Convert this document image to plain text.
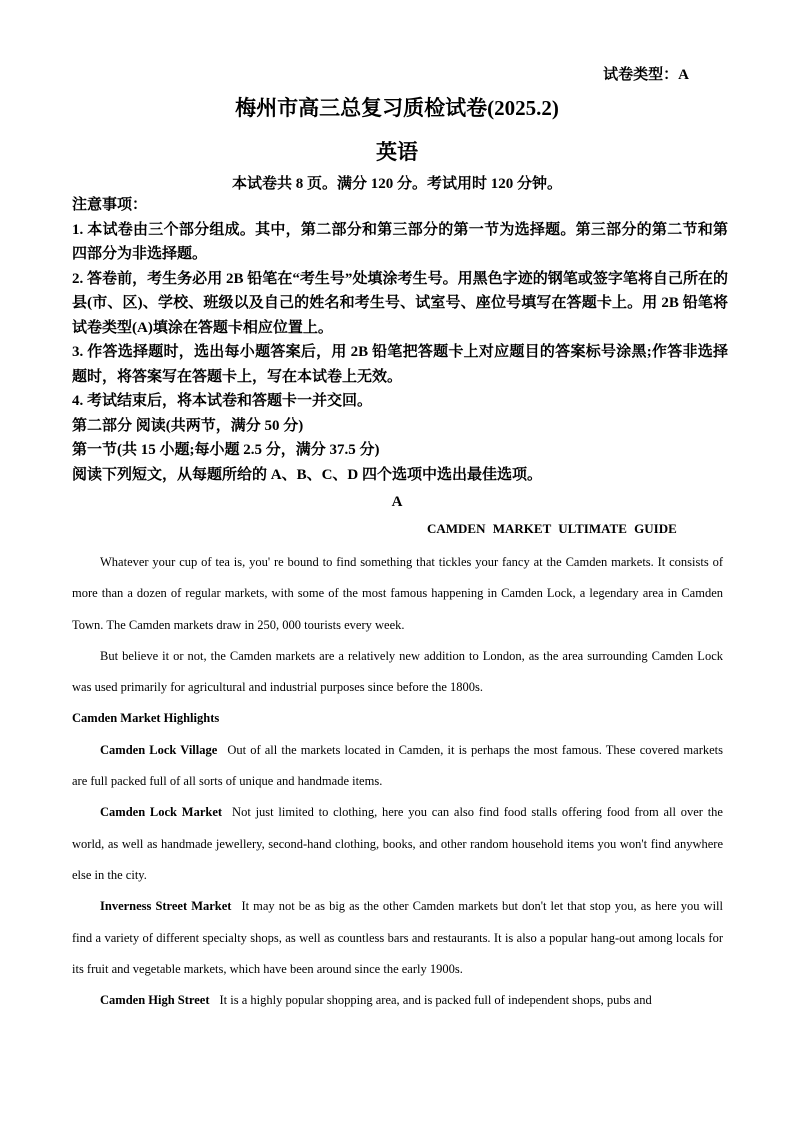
试卷类型：A
梅州市高三总复习质检试卷(2025.2)
英语
本试卷共 8 页。满分 120 分。考试用时 120 分钟。

注意事项：

1. 本试卷由三个部分组成。其中，第二部分和第三部分的第一节为选择题。第三部分的第二节和第四部分为非选择题。

2. 答卷前，考生务必用 2B 铅笔在“考生号”处填涂考生号。用黑色字迹的钢笔或签字笔将自己所在的县(市、区)、学校、班级以及自己的姓名和考生号、试室号、座位号填写在答题卡上。用 2B 铅笔将试卷类型(A)填涂在答题卡相应位置上。

3. 作答选择题时，选出每小题答案后，用 2B 铅笔把答题卡上对应题目的答案标号涂黑;作答非选择题时，将答案写在答题卡上，写在本试卷上无效。

4. 考试结束后，将本试卷和答题卡一并交回。

第二部分 阅读(共两节，满分 50 分)

第一节(共 15 小题;每小题 2.5 分，满分 37.5 分)

阅读下列短文，从每题所给的 A、B、C、D 四个选项中选出最佳选项。

A
CAMDEN MARKET ULTIMATE GUIDE

Whatever your cup of tea is, you' re bound to find something that tickles your fancy at the Camden markets. It consists of more than a dozen of regular markets, with some of the most famous happening in Camden Lock, a legendary area in Camden Town. The Camden markets draw in 250, 000 tourists every week.

But believe it or not, the Camden markets are a relatively new addition to London, as the area surrounding Camden Lock was used primarily for agricultural and industrial purposes since before the 1800s.

Camden Market Highlights

Camden Lock Village Out of all the markets located in Camden, it is perhaps the most famous. These covered markets are full packed full of all sorts of unique and handmade items.

Camden Lock Market Not just limited to clothing, here you can also find food stalls offering food from all over the world, as well as handmade jewellery, second-hand clothing, books, and other random household items you won't find anywhere else in the city.

Inverness Street Market It may not be as big as the other Camden markets but don't let that stop you, as here you will find a variety of different specialty shops, as well as countless bars and restaurants. It is also a popular hang-out among locals for its fruit and vegetable markets, which have been around since the early 1900s.

Camden High Street It is a highly popular shopping area, and is packed full of independent shops, pubs and
